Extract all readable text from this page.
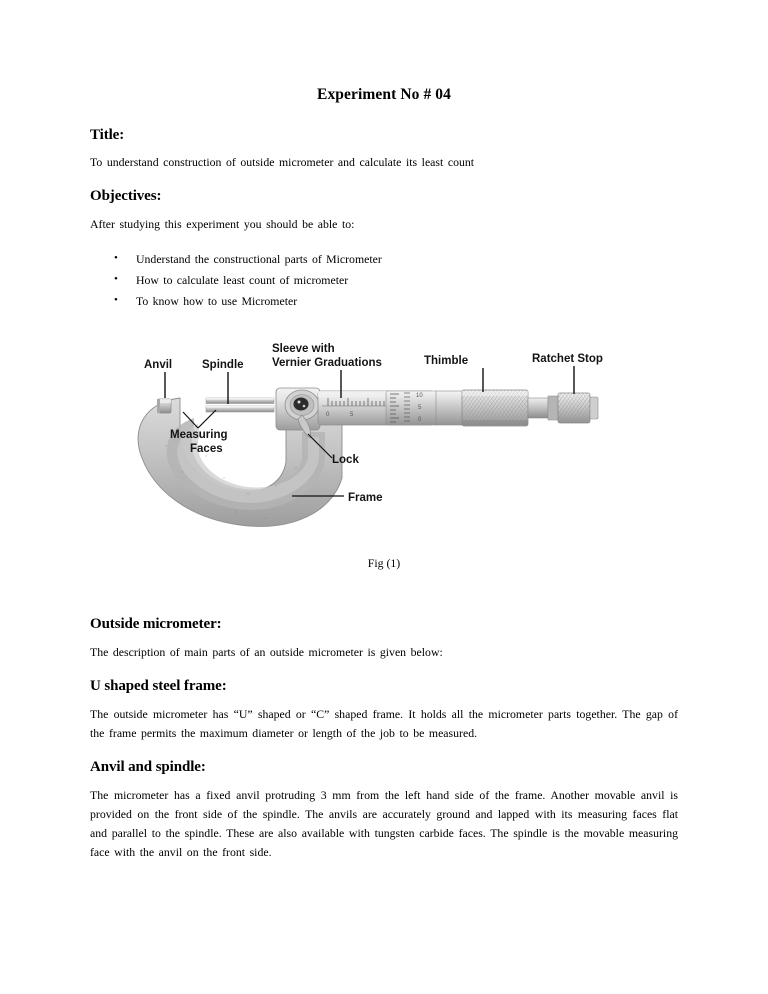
Experiment No # 04
Title:

To understand construction of outside micrometer and calculate its least count

Objectives:

After studying this experiment you should be able to:

• Understand the constructional parts of Micrometer
• How to calculate least count of micrometer
• To know how to use Micrometer
0	5
10
5
0
Anvil	Spindle
Sleeve with
Vernier Graduations	Thimble	Ratchet Stop
Measuring
Faces
Lock
Frame

Fig (1)

Outside micrometer:

The description of main parts of an outside micrometer is given below:

U shaped steel frame:

The outside micrometer has “U” shaped or “C” shaped frame. It holds all the micrometer parts together. The gap of the frame permits the maximum diameter or length of the job to be measured.

Anvil and spindle:

The micrometer has a fixed anvil protruding 3 mm from the left hand side of the frame. Another movable anvil is provided on the front side of the spindle. The anvils are accurately ground and lapped with its measuring faces flat and parallel to the spindle. These are also available with tungsten carbide faces. The spindle is the movable measuring face with the anvil on the front side.
